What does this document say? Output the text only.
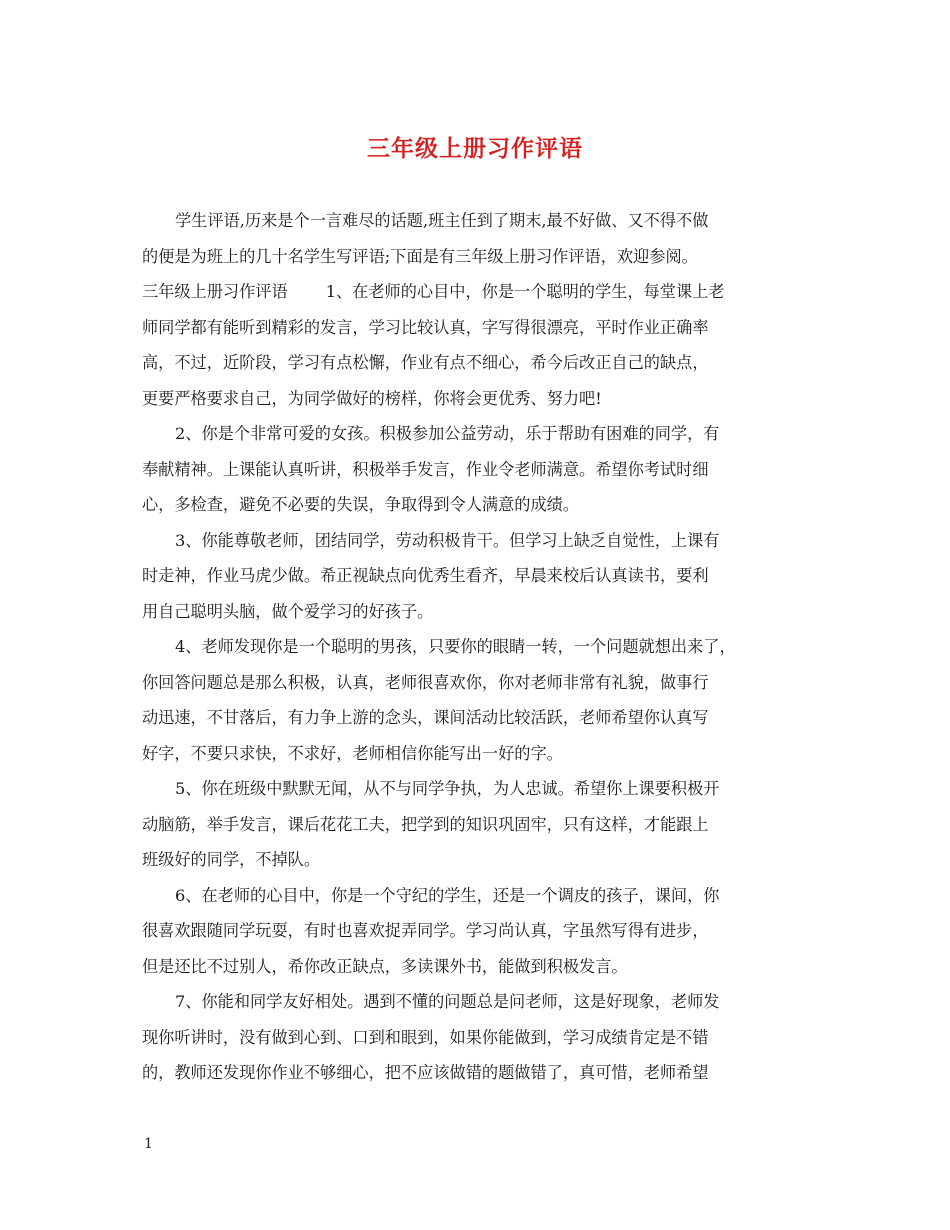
三年级上册习作评语
学生评语,历来是个一言难尽的话题,班主任到了期末,最不好做、又不得不做
的便是为班上的几十名学生写评语;下面是有三年级上册习作评语，欢迎参阅。
三年级上册习作评语 1、在老师的心目中，你是一个聪明的学生，每堂课上老
师同学都有能听到精彩的发言，学习比较认真，字写得很漂亮，平时作业正确率
高，不过，近阶段，学习有点松懈，作业有点不细心，希今后改正自己的缺点，
更要严格要求自己，为同学做好的榜样，你将会更优秀、努力吧!
2、你是个非常可爱的女孩。积极参加公益劳动，乐于帮助有困难的同学，有
奉献精神。上课能认真听讲，积极举手发言，作业令老师满意。希望你考试时细
心，多检查，避免不必要的失误，争取得到令人满意的成绩。
3、你能尊敬老师，团结同学，劳动积极肯干。但学习上缺乏自觉性，上课有
时走神，作业马虎少做。希正视缺点向优秀生看齐，早晨来校后认真读书，要利
用自己聪明头脑，做个爱学习的好孩子。
4、老师发现你是一个聪明的男孩，只要你的眼睛一转，一个问题就想出来了，
你回答问题总是那么积极，认真，老师很喜欢你，你对老师非常有礼貌，做事行
动迅速，不甘落后，有力争上游的念头，课间活动比较活跃，老师希望你认真写
好字，不要只求快，不求好，老师相信你能写出一好的字。
5、你在班级中默默无闻，从不与同学争执，为人忠诚。希望你上课要积极开
动脑筋，举手发言，课后花花工夫，把学到的知识巩固牢，只有这样，才能跟上
班级好的同学，不掉队。
6、在老师的心目中，你是一个守纪的学生，还是一个调皮的孩子，课间，你
很喜欢跟随同学玩耍，有时也喜欢捉弄同学。学习尚认真，字虽然写得有进步，
但是还比不过别人，希你改正缺点，多读课外书，能做到积极发言。
7、你能和同学友好相处。遇到不懂的问题总是问老师，这是好现象，老师发
现你听讲时，没有做到心到、口到和眼到，如果你能做到，学习成绩肯定是不错
的，教师还发现你作业不够细心，把不应该做错的题做错了，真可惜，老师希望
1
